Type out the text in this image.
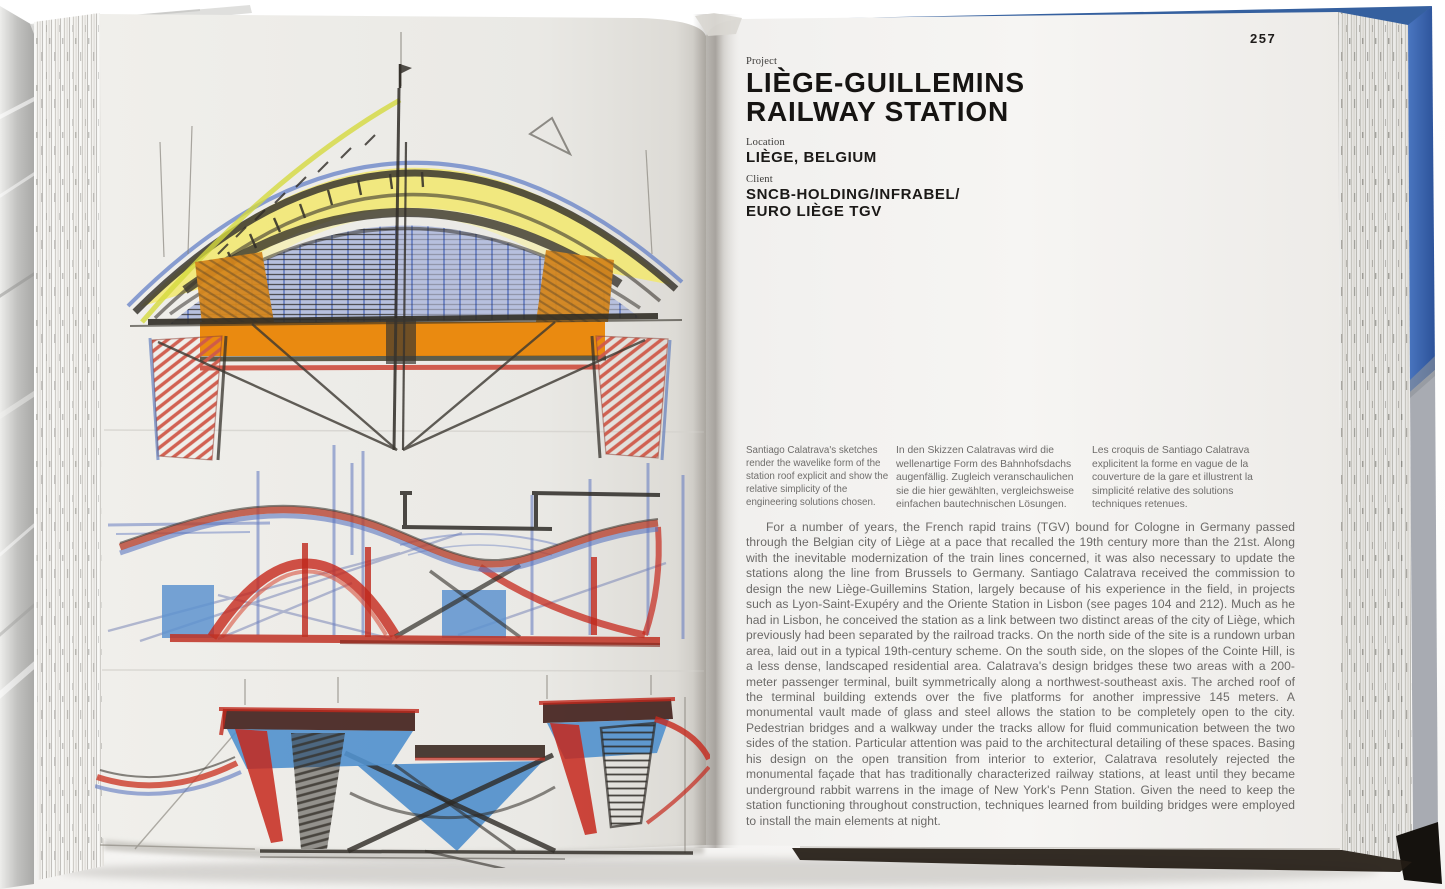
257
Project
LIÈGE-GUILLEMINS
RAILWAY STATION
Location
LIÈGE, BELGIUM
Client
SNCB-HOLDING/INFRABEL/
EURO LIÈGE TGV
Santiago Calatrava's sketches render the wavelike form of the station roof explicit and show the relative simplicity of the engineering solutions chosen.
In den Skizzen Calatravas wird die wellenartige Form des Bahnhofsdachs augenfällig. Zugleich veranschaulichen sie die hier gewählten, vergleichsweise einfachen bautechnischen Lösungen.
Les croquis de Santiago Calatrava explicitent la forme en vague de la couverture de la gare et illustrent la simplicité relative des solutions techniques retenues.
For a number of years, the French rapid trains (TGV) bound for Cologne in Germany passed through the Belgian city of Liège at a pace that recalled the 19th century more than the 21st. Along with the inevitable modernization of the train lines concerned, it was also necessary to update the stations along the line from Brussels to Germany. Santiago Calatrava received the commission to design the new Liège-Guillemins Station, largely because of his experience in the field, in projects such as Lyon-Saint-Exupéry and the Oriente Station in Lisbon (see pages 104 and 212). Much as he had in Lisbon, he conceived the station as a link between two distinct areas of the city of Liège, which previously had been separated by the railroad tracks. On the north side of the site is a rundown urban area, laid out in a typical 19th-century scheme. On the south side, on the slopes of the Cointe Hill, is a less dense, landscaped residential area. Calatrava's design bridges these two areas with a 200-meter passenger terminal, built symmetrically along a northwest-southeast axis. The arched roof of the terminal building extends over the five platforms for another impressive 145 meters. A monumental vault made of glass and steel allows the station to be completely open to the city. Pedestrian bridges and a walkway under the tracks allow for fluid communication between the two sides of the station. Particular attention was paid to the architectural detailing of these spaces. Basing his design on the open transition from interior to exterior, Calatrava resolutely rejected the monumental façade that has traditionally characterized railway stations, at least until they became underground rabbit warrens in the image of New York's Penn Station. Given the need to keep the station functioning throughout construction, techniques learned from building bridges were employed to install the main elements at night.
